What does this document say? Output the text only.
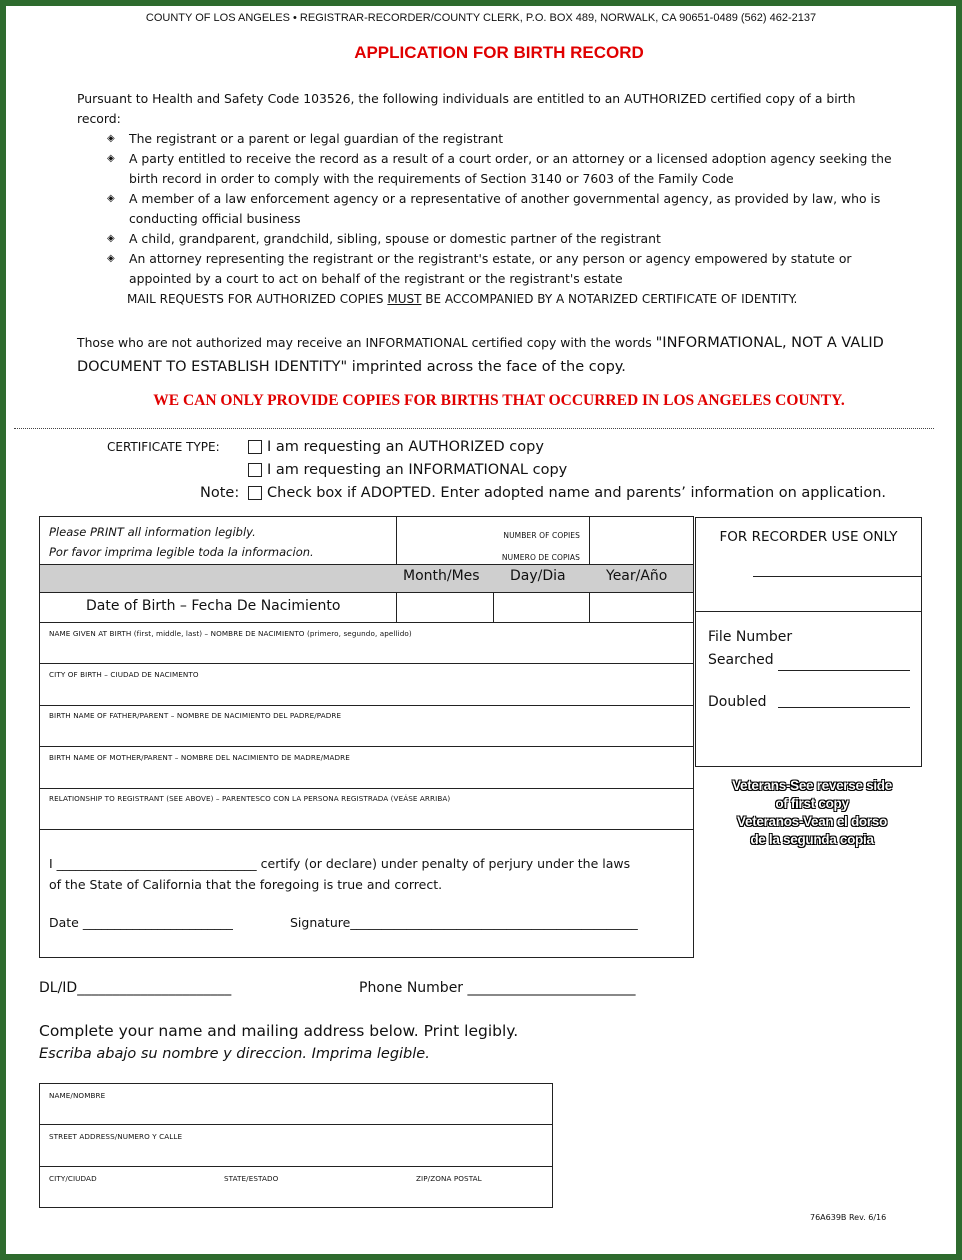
COUNTY OF LOS ANGELES • REGISTRAR-RECORDER/COUNTY CLERK, P.O. BOX 489, NORWALK, CA 90651-0489 (562) 462-2137
APPLICATION FOR BIRTH RECORD
Pursuant to Health and Safety Code 103526, the following individuals are entitled to an AUTHORIZED certified copy of a birth record:
◈ The registrant or a parent or legal guardian of the registrant
◈ A party entitled to receive the record as a result of a court order, or an attorney or a licensed adoption agency seeking the birth record in order to comply with the requirements of Section 3140 or 7603 of the Family Code
◈ A member of a law enforcement agency or a representative of another governmental agency, as provided by law, who is conducting official business
◈ A child, grandparent, grandchild, sibling, spouse or domestic partner of the registrant
◈ An attorney representing the registrant or the registrant's estate, or any person or agency empowered by statute or appointed by a court to act on behalf of the registrant or the registrant's estate
MAIL REQUESTS FOR AUTHORIZED COPIES MUST BE ACCOMPANIED BY A NOTARIZED CERTIFICATE OF IDENTITY.
Those who are not authorized may receive an INFORMATIONAL certified copy with the words "INFORMATIONAL, NOT A VALID DOCUMENT TO ESTABLISH IDENTITY" imprinted across the face of the copy.
WE CAN ONLY PROVIDE COPIES FOR BIRTHS THAT OCCURRED IN LOS ANGELES COUNTY.
CERTIFICATE TYPE:	I am requesting an AUTHORIZED copy
I am requesting an INFORMATIONAL copy
Note: Check box if ADOPTED. Enter adopted name and parents’ information on application.
Please PRINT all information legibly.
Por favor imprima legible toda la informacion.
NUMBER OF COPIES
NUMERO DE COPIAS
Month/Mes Day/Dia	Year/Año
Date of Birth – Fecha De Nacimiento
NAME GIVEN AT BIRTH (first, middle, last) – NOMBRE DE NACIMIENTO (primero, segundo, apellido)
CITY OF BIRTH – CIUDAD DE NACIMENTO
BIRTH NAME OF FATHER/PARENT – NOMBRE DE NACIMIENTO DEL PADRE/PADRE
BIRTH NAME OF MOTHER/PARENT – NOMBRE DEL NACIMIENTO DE MADRE/MADRE
RELATIONSHIP TO REGISTRANT (SEE ABOVE) – PARENTESCO CON LA PERSONA REGISTRADA (VEÁSE ARRIBA)
I ________________________________ certify (or declare) under penalty of perjury under the laws
of the State of California that the foregoing is true and correct.
Date ________________________	Signature______________________________________________
FOR RECORDER USE ONLY
File Number
Searched
Doubled
Veterans-See reverse side
of first copy
Veteranos-Vean el dorso
de la segunda copia
DL/ID______________________	Phone Number ________________________
Complete your name and mailing address below. Print legibly.
Escriba abajo su nombre y direccion. Imprima legible.
NAME/NOMBRE
STREET ADDRESS/NUMERO Y CALLE
CITY/CIUDAD	STATE/ESTADO	ZIP/ZONA POSTAL
76A639B Rev. 6/16
